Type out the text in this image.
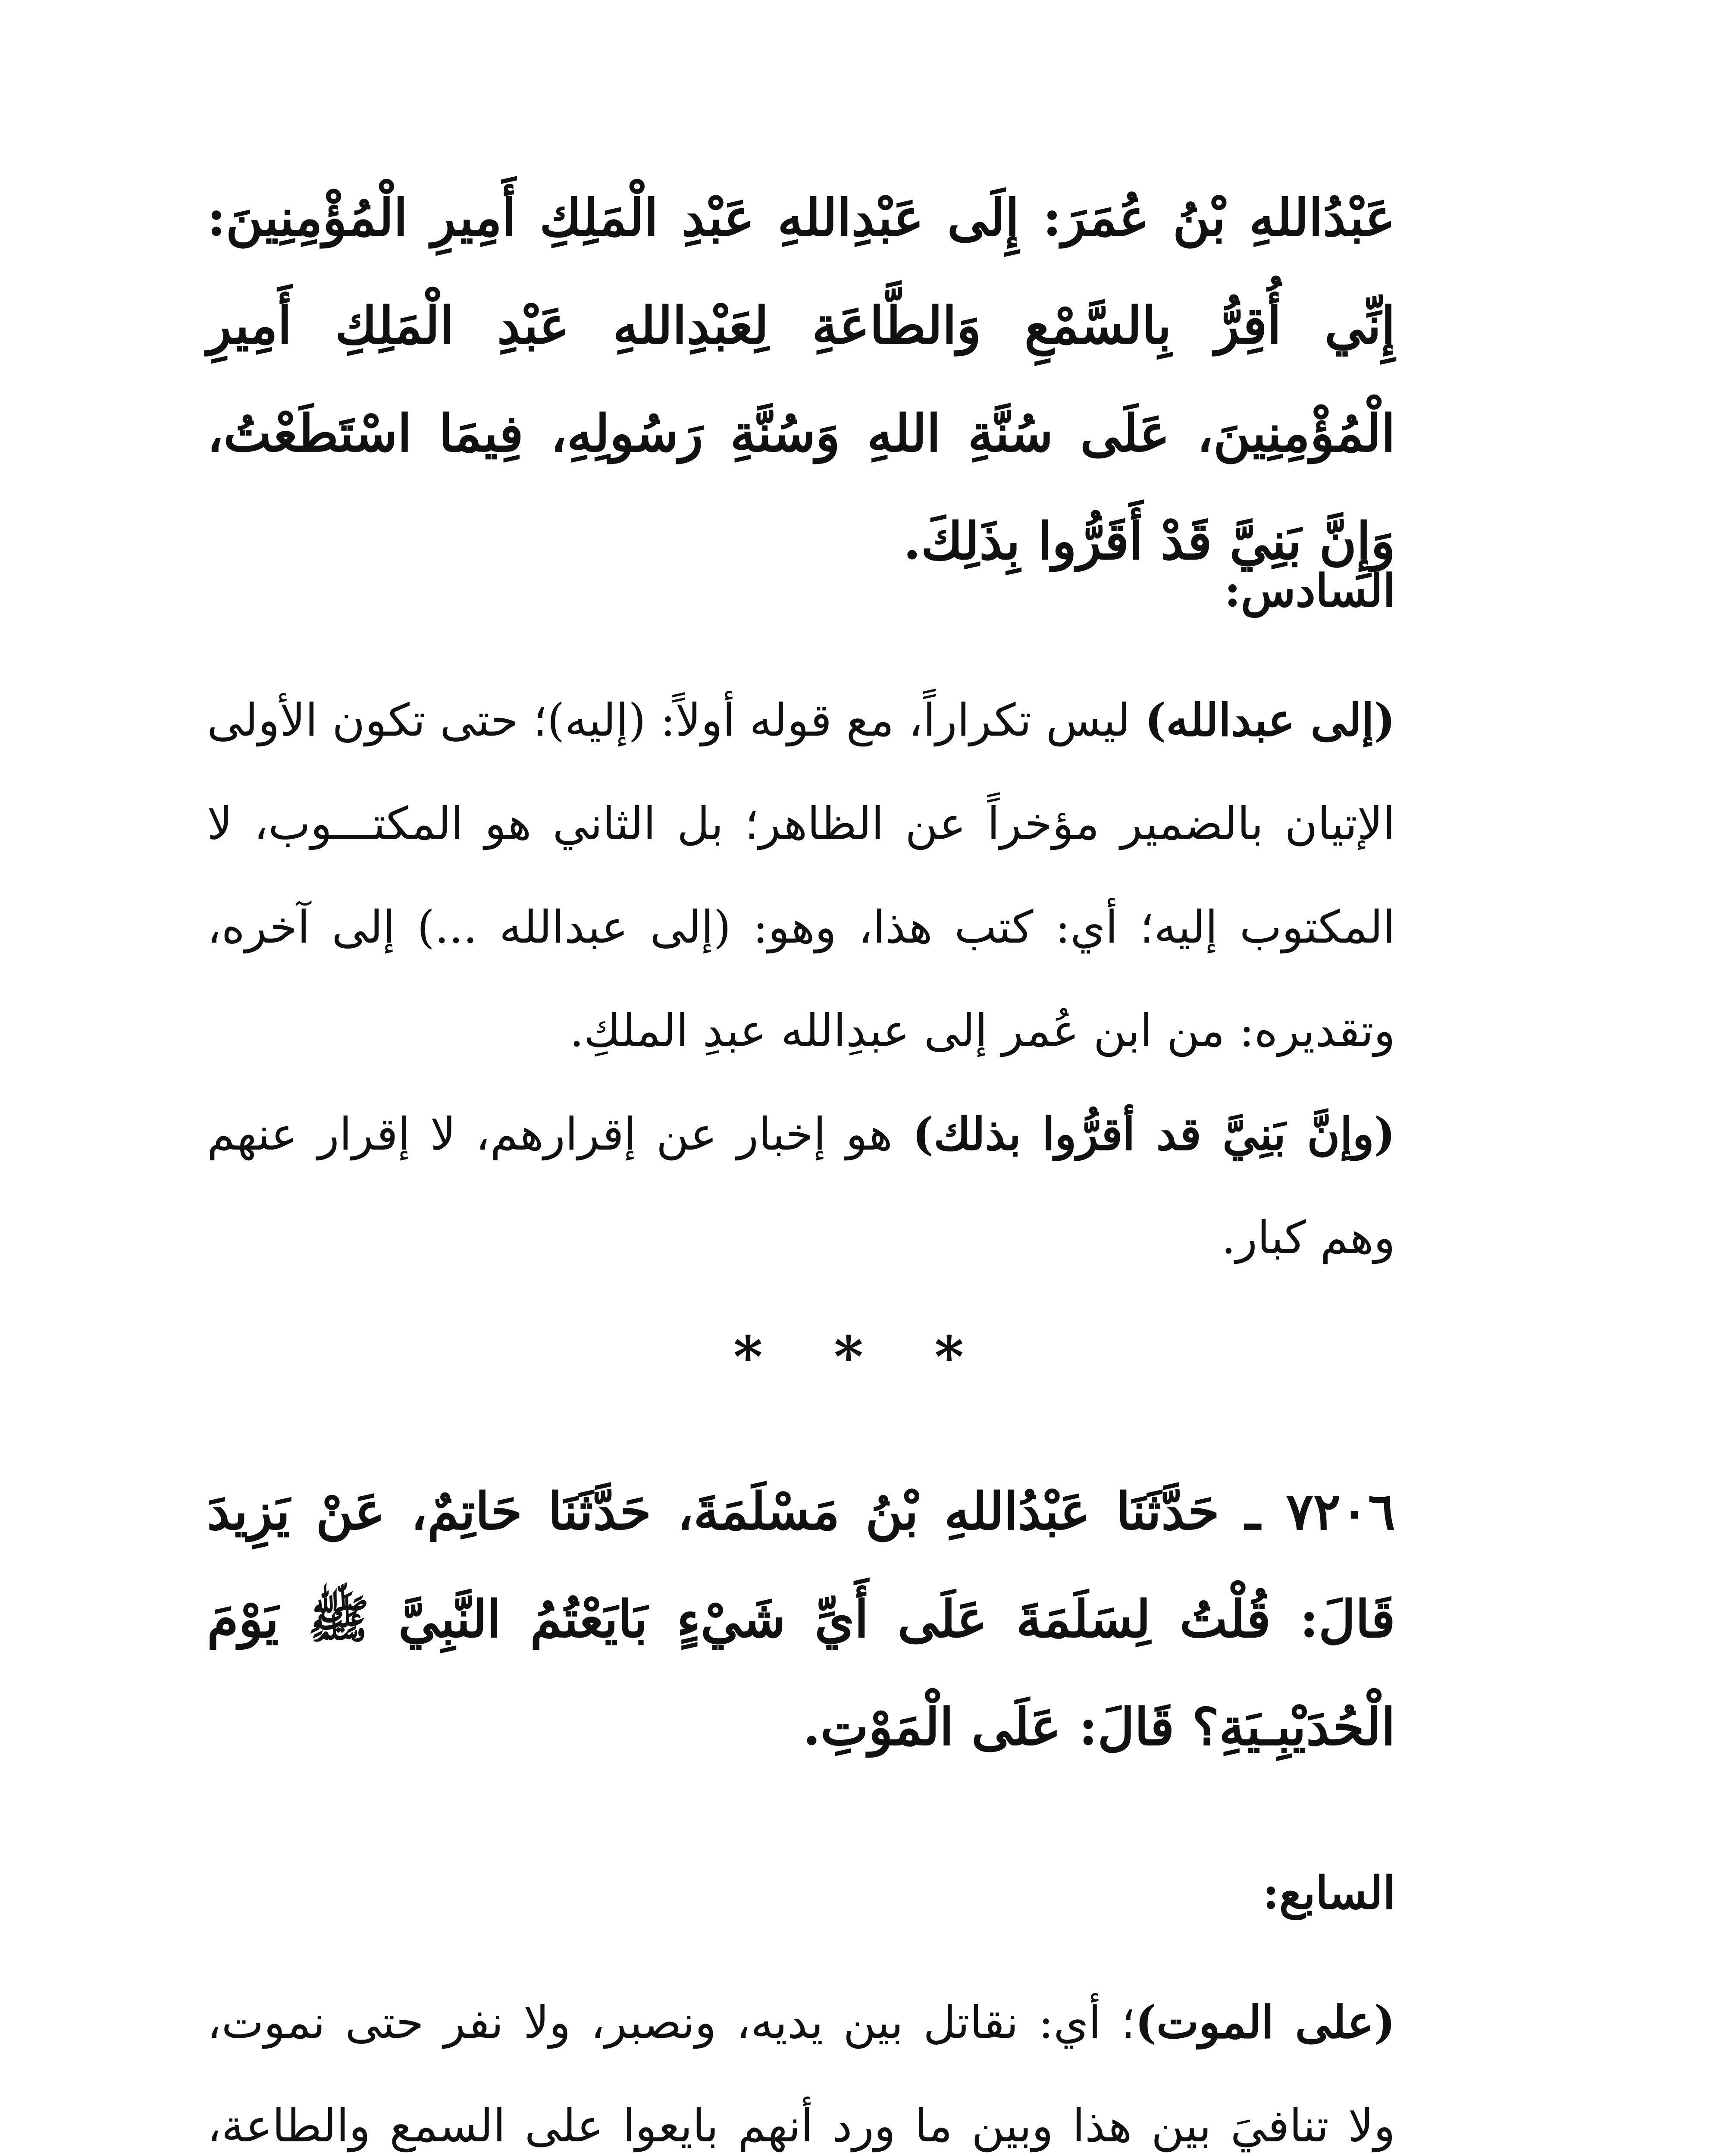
عَبْدُاللهِ بْنُ عُمَرَ: إِلَى عَبْدِاللهِ عَبْدِ الْمَلِكِ أَمِيرِ الْمُؤْمِنِينَ: إِنِّي أُقِرُّ بِالسَّمْعِ وَالطَّاعَةِ لِعَبْدِاللهِ عَبْدِ الْمَلِكِ أَمِيرِ الْمُؤْمِنِينَ، عَلَى سُنَّةِ اللهِ وَسُنَّةِ رَسُولِهِ، فِيمَا اسْتَطَعْتُ، وَإِنَّ بَنِيَّ قَدْ أَقَرُّوا بِذَلِكَ.

السادس:

(إلى عبدالله) ليس تكراراً، مع قوله أولاً: (إليه)؛ حتى تكون الأولى الإتيان بالضمير مؤخراً عن الظاهر؛ بل الثاني هو المكتـــوب، لا المكتوب إليه؛ أي: كتب هذا، وهو: (إلى عبدالله ...) إلى آخره، وتقديره: من ابن عُمر إلى عبدِالله عبدِ الملكِ.

(وإنَّ بَنِيَّ قد أقرُّوا بذلك) هو إخبار عن إقرارهم، لا إقرار عنهم وهم كبار.

* * *

٧٢٠٦ ـ حَدَّثَنَا عَبْدُاللهِ بْنُ مَسْلَمَةَ، حَدَّثَنَا حَاتِمٌ، عَنْ يَزِيدَ قَالَ: قُلْتُ لِسَلَمَةَ عَلَى أَيِّ شَيْءٍ بَايَعْتُمُ النَّبِيَّ ﷺ يَوْمَ الْحُدَيْبِـيَةِ؟ قَالَ: عَلَى الْمَوْتِ.

السابع:

(على الموت)؛ أي: نقاتل بين يديه، ونصبر، ولا نفر حتى نموت، ولا تنافيَ بين هذا وبين ما ورد أنهم بايعوا على السمع والطاعة،
